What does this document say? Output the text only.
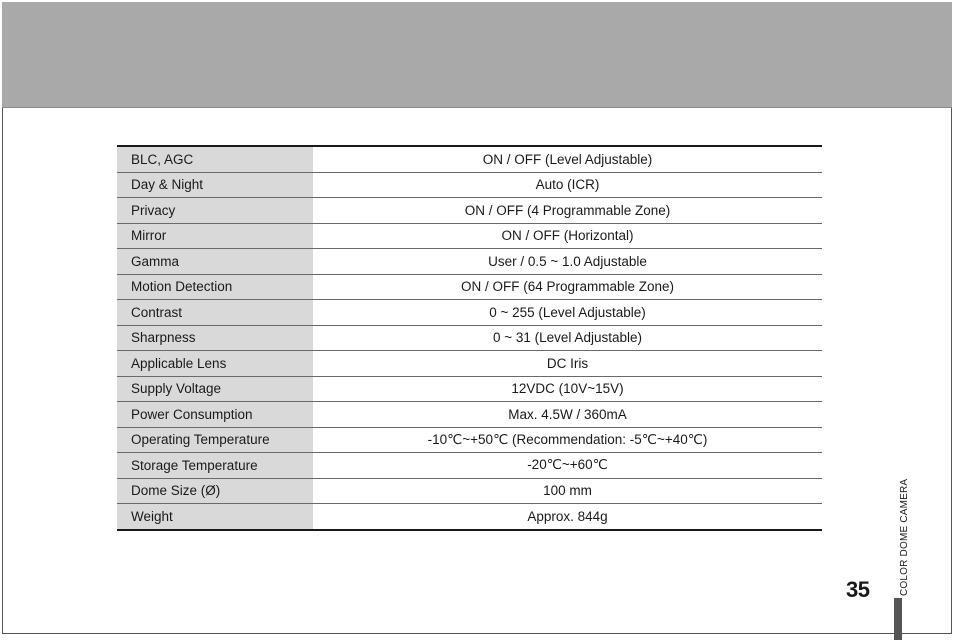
BLC, AGC	ON / OFF (Level Adjustable)
Day & Night	Auto (ICR)
Privacy	ON / OFF (4 Programmable Zone)
Mirror	ON / OFF (Horizontal)
Gamma	User / 0.5 ~ 1.0 Adjustable
Motion Detection	ON / OFF (64 Programmable Zone)
Contrast	0 ~ 255 (Level Adjustable)
Sharpness	0 ~ 31 (Level Adjustable)
Applicable Lens	DC Iris
Supply Voltage	12VDC (10V~15V)
Power Consumption	Max. 4.5W / 360mA
Operating Temperature	-10℃~+50℃ (Recommendation: -5℃~+40℃)
Storage Temperature	-20℃~+60℃
Dome Size (Ø)	100 mm
Weight	Approx. 844g
35	COLOR DOME CAMERA
